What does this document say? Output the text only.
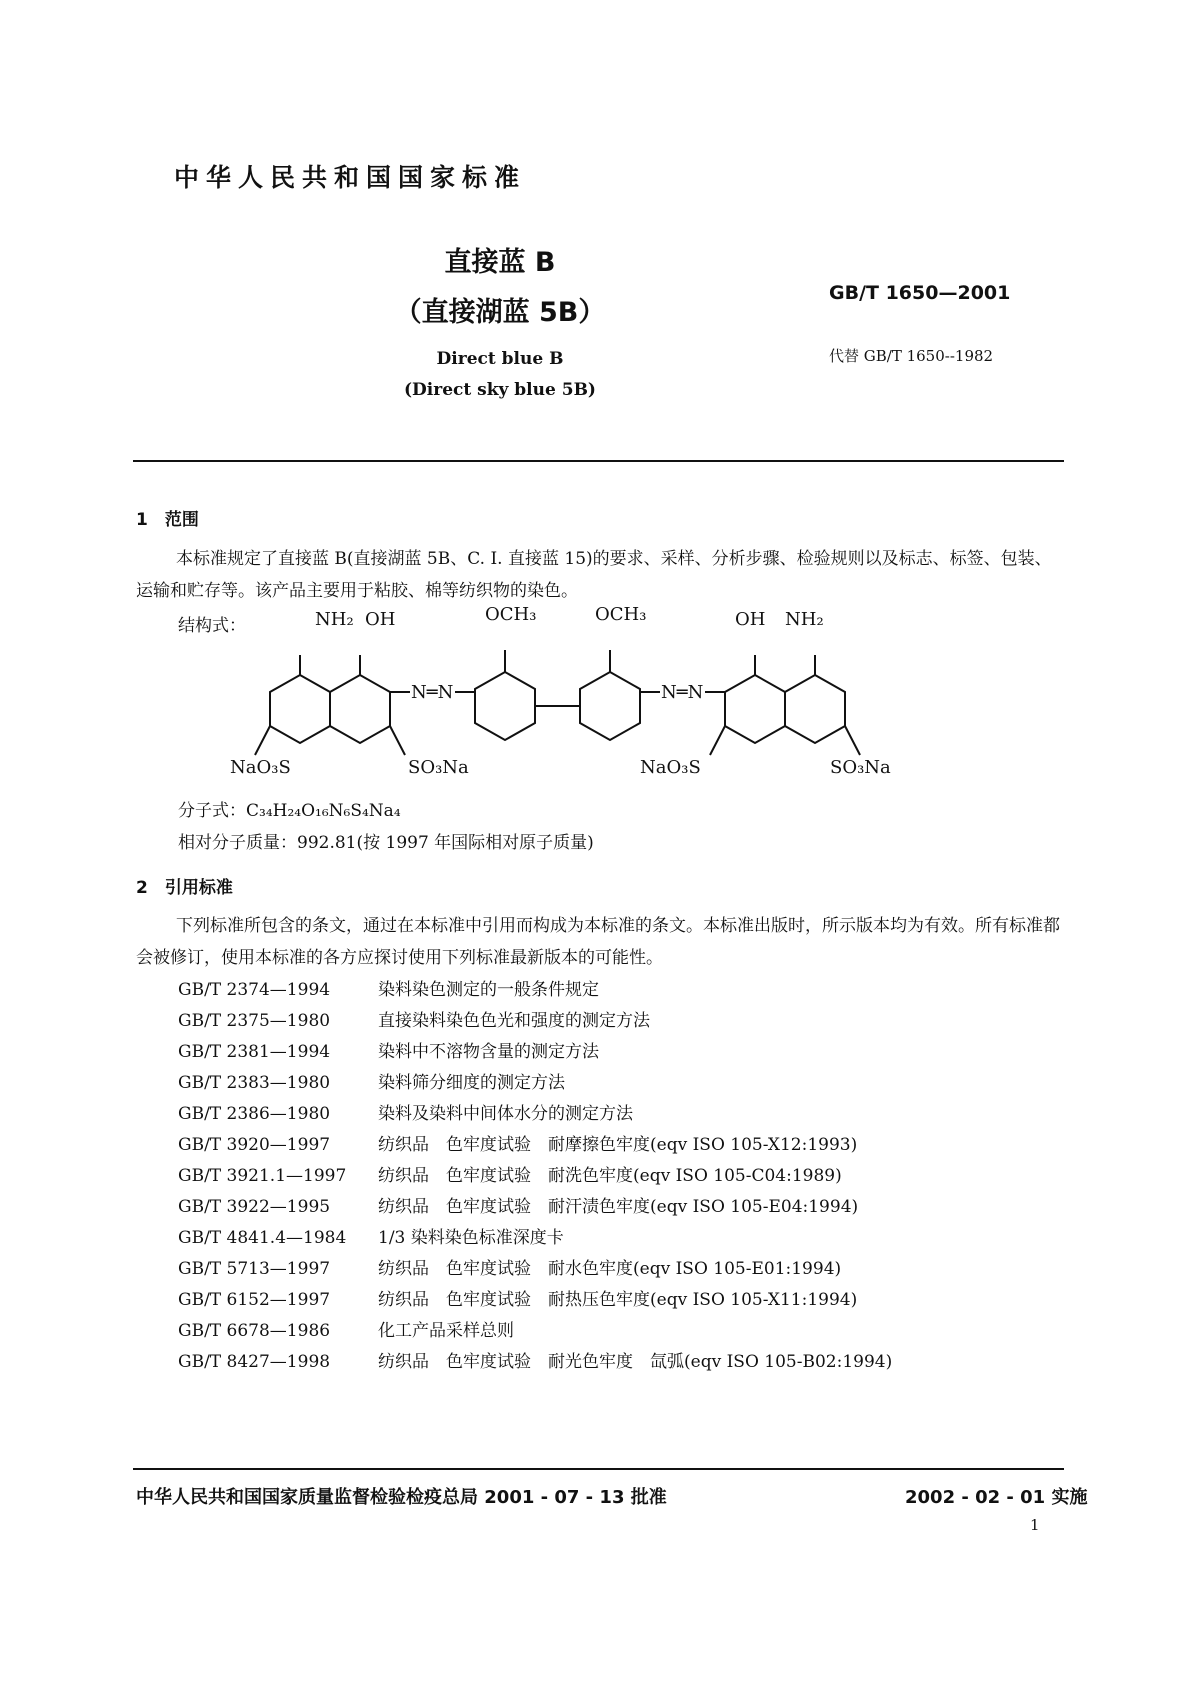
中华人民共和国国家标准
直接蓝 B
（直接湖蓝 5B）
Direct blue B
(Direct sky blue 5B)
GB/T 1650—2001
代替 GB/T 1650--1982
1　范围
本标准规定了直接蓝 B(直接湖蓝 5B、C. I. 直接蓝 15)的要求、采样、分析步骤、检验规则以及标志、标签、包装、运输和贮存等。该产品主要用于粘胶、棉等纺织物的染色。
结构式：	NH₂ OH	OCH₃	OCH₃	OH NH₂
N═N	N═N
NaO₃S	SO₃Na	NaO₃S	SO₃Na
分子式：C₃₄H₂₄O₁₆N₆S₄Na₄
相对分子质量：992.81(按 1997 年国际相对原子质量)
2　引用标准
下列标准所包含的条文，通过在本标准中引用而构成为本标准的条文。本标准出版时，所示版本均为有效。所有标准都会被修订，使用本标准的各方应探讨使用下列标准最新版本的可能性。
GB/T 2374—1994	染料染色测定的一般条件规定
GB/T 2375—1980	直接染料染色色光和强度的测定方法
GB/T 2381—1994	染料中不溶物含量的测定方法
GB/T 2383—1980	染料筛分细度的测定方法
GB/T 2386—1980	染料及染料中间体水分的测定方法
GB/T 3920—1997	纺织品　色牢度试验　耐摩擦色牢度(eqv ISO 105-X12:1993)
GB/T 3921.1—1997 纺织品　色牢度试验　耐洗色牢度(eqv ISO 105-C04:1989)
GB/T 3922—1995	纺织品　色牢度试验　耐汗渍色牢度(eqv ISO 105-E04:1994)
GB/T 4841.4—1984 1/3 染料染色标准深度卡
GB/T 5713—1997	纺织品　色牢度试验　耐水色牢度(eqv ISO 105-E01:1994)
GB/T 6152—1997	纺织品　色牢度试验　耐热压色牢度(eqv ISO 105-X11:1994)
GB/T 6678—1986	化工产品采样总则
GB/T 8427—1998	纺织品　色牢度试验　耐光色牢度　氙弧(eqv ISO 105-B02:1994)
中华人民共和国国家质量监督检验检疫总局 2001 - 07 - 13 批准	2002 - 02 - 01 实施
1
